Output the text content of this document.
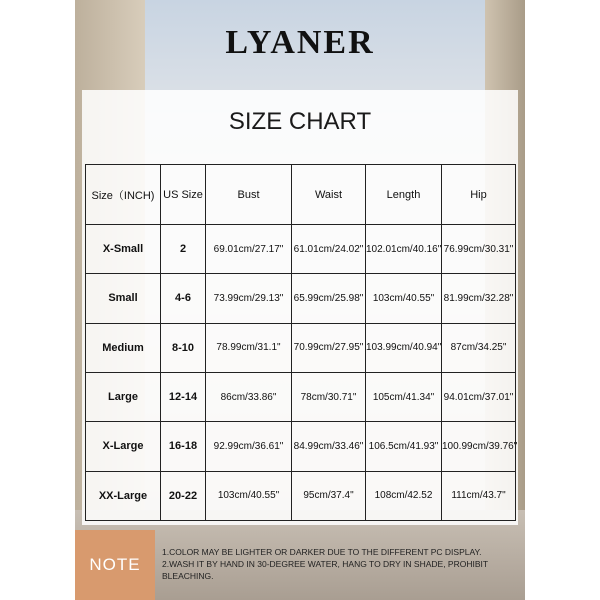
LYANER
SIZE CHART
Size（INCH)	US Size	Bust	Waist	Length	Hip
X-Small	2	69.01cm/27.17"	61.01cm/24.02"	102.01cm/40.16"	76.99cm/30.31"
Small	4-6	73.99cm/29.13"	65.99cm/25.98"	103cm/40.55"	81.99cm/32.28"
Medium	8-10	78.99cm/31.1"	70.99cm/27.95"	103.99cm/40.94"	87cm/34.25"
Large	12-14	86cm/33.86"	78cm/30.71"	105cm/41.34"	94.01cm/37.01"
X-Large	16-18	92.99cm/36.61"	84.99cm/33.46"	106.5cm/41.93"	100.99cm/39.76"
XX-Large	20-22	103cm/40.55"	95cm/37.4"	108cm/42.52	111cm/43.7"
NOTE
1.COLOR MAY BE LIGHTER OR DARKER DUE TO THE DIFFERENT PC DISPLAY.
2.WASH IT BY HAND IN 30-DEGREE WATER, HANG TO DRY IN SHADE, PROHIBIT BLEACHING.
